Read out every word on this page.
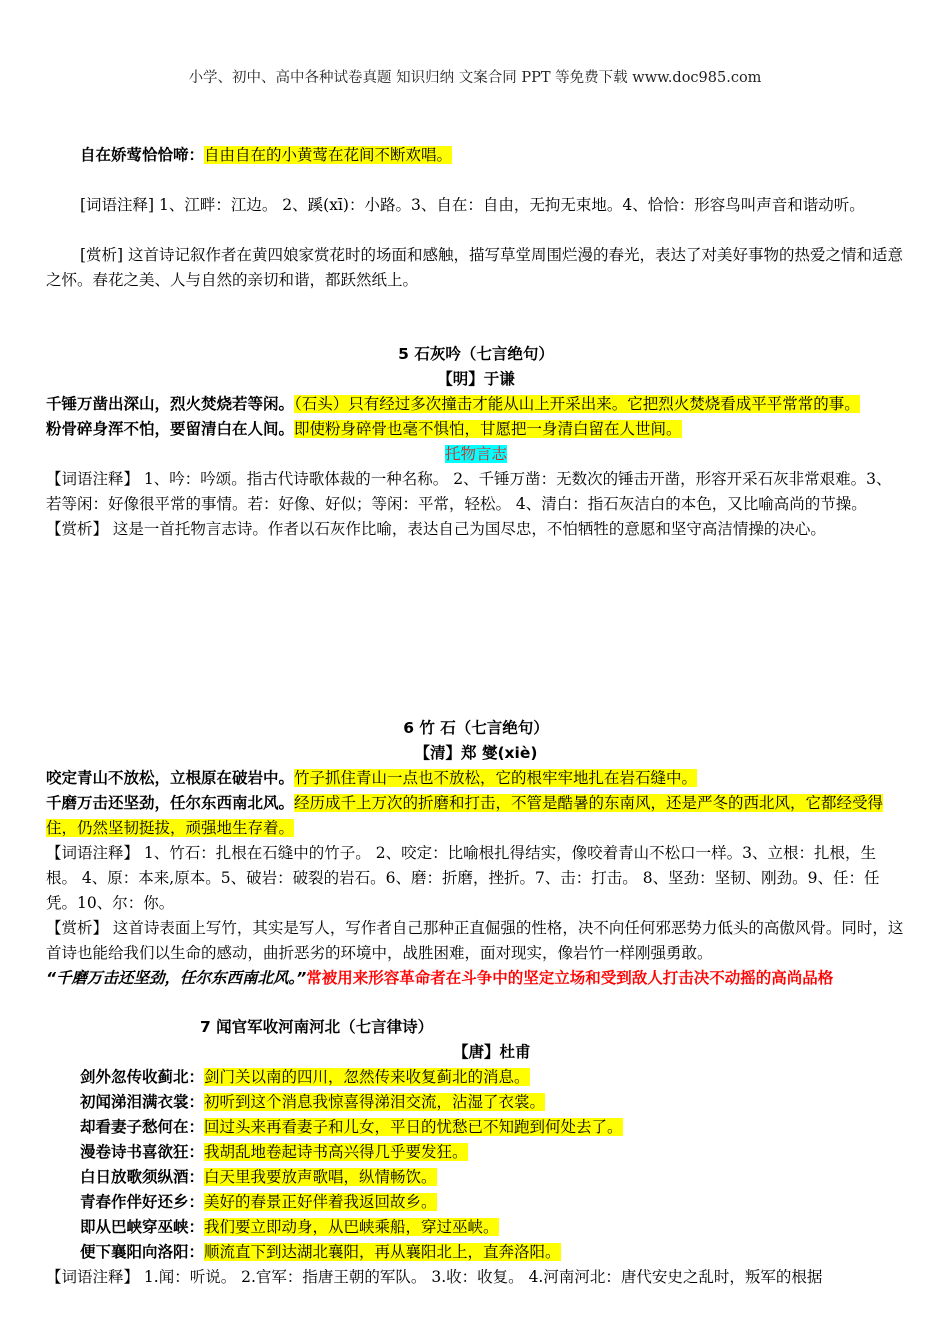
小学、初中、高中各种试卷真题 知识归纳 文案合同 PPT 等免费下载 www.doc985.com
自在娇莺恰恰啼：自由自在的小黄莺在花间不断欢唱。

[词语注释] 1、江畔：江边。 2、蹊(xī)：小路。3、自在：自由，无拘无束地。4、恰恰：形容鸟叫声音和谐动听。

[赏析] 这首诗记叙作者在黄四娘家赏花时的场面和感触，描写草堂周围烂漫的春光，表达了对美好事物的热爱之情和适意之怀。春花之美、人与自然的亲切和谐，都跃然纸上。

5 石灰吟（七言绝句）
【明】于谦

千锤万凿出深山，烈火焚烧若等闲。（石头）只有经过多次撞击才能从山上开采出来。它把烈火焚烧看成平平常常的事。

粉骨碎身浑不怕，要留清白在人间。即使粉身碎骨也毫不惧怕，甘愿把一身清白留在人世间。

托物言志

【词语注释】 1、吟：吟颂。指古代诗歌体裁的一种名称。 2、千锤万凿：无数次的锤击开凿，形容开采石灰非常艰难。3、若等闲：好像很平常的事情。若：好像、好似；等闲：平常，轻松。 4、清白：指石灰洁白的本色，又比喻高尚的节操。

【赏析】 这是一首托物言志诗。作者以石灰作比喻，表达自己为国尽忠，不怕牺牲的意愿和坚守高洁情操的决心。

6 竹 石（七言绝句）
【清】郑 燮(xiè)

咬定青山不放松，立根原在破岩中。竹子抓住青山一点也不放松，它的根牢牢地扎在岩石缝中。

千磨万击还坚劲，任尔东西南北风。经历成千上万次的折磨和打击，不管是酷暑的东南风，还是严冬的西北风，它都经受得住，仍然坚韧挺拔，顽强地生存着。

【词语注释】 1、竹石：扎根在石缝中的竹子。 2、咬定：比喻根扎得结实，像咬着青山不松口一样。3、立根：扎根，生根。 4、原：本来,原本。5、破岩：破裂的岩石。6、磨：折磨，挫折。7、击：打击。 8、坚劲：坚韧、刚劲。9、任：任凭。10、尔：你。

【赏析】 这首诗表面上写竹，其实是写人，写作者自己那种正直倔强的性格，决不向任何邪恶势力低头的高傲风骨。同时，这首诗也能给我们以生命的感动，曲折恶劣的环境中，战胜困难，面对现实，像岩竹一样刚强勇敢。

“千磨万击还坚劲，任尔东西南北风。”常被用来形容革命者在斗争中的坚定立场和受到敌人打击决不动摇的高尚品格

7 闻官军收河南河北（七言律诗）
【唐】杜甫

剑外忽传收蓟北：剑门关以南的四川，忽然传来收复蓟北的消息。

初闻涕泪满衣裳：初听到这个消息我惊喜得涕泪交流，沾湿了衣裳。

却看妻子愁何在：回过头来再看妻子和儿女，平日的忧愁已不知跑到何处去了。

漫卷诗书喜欲狂：我胡乱地卷起诗书高兴得几乎要发狂。

白日放歌须纵酒：白天里我要放声歌唱，纵情畅饮。

青春作伴好还乡：美好的春景正好伴着我返回故乡。

即从巴峡穿巫峡：我们要立即动身，从巴峡乘船，穿过巫峡。

便下襄阳向洛阳：顺流直下到达湖北襄阳，再从襄阳北上，直奔洛阳。

【词语注释】 1.闻：听说。 2.官军：指唐王朝的军队。 3.收：收复。 4.河南河北：唐代安史之乱时，叛军的根据
